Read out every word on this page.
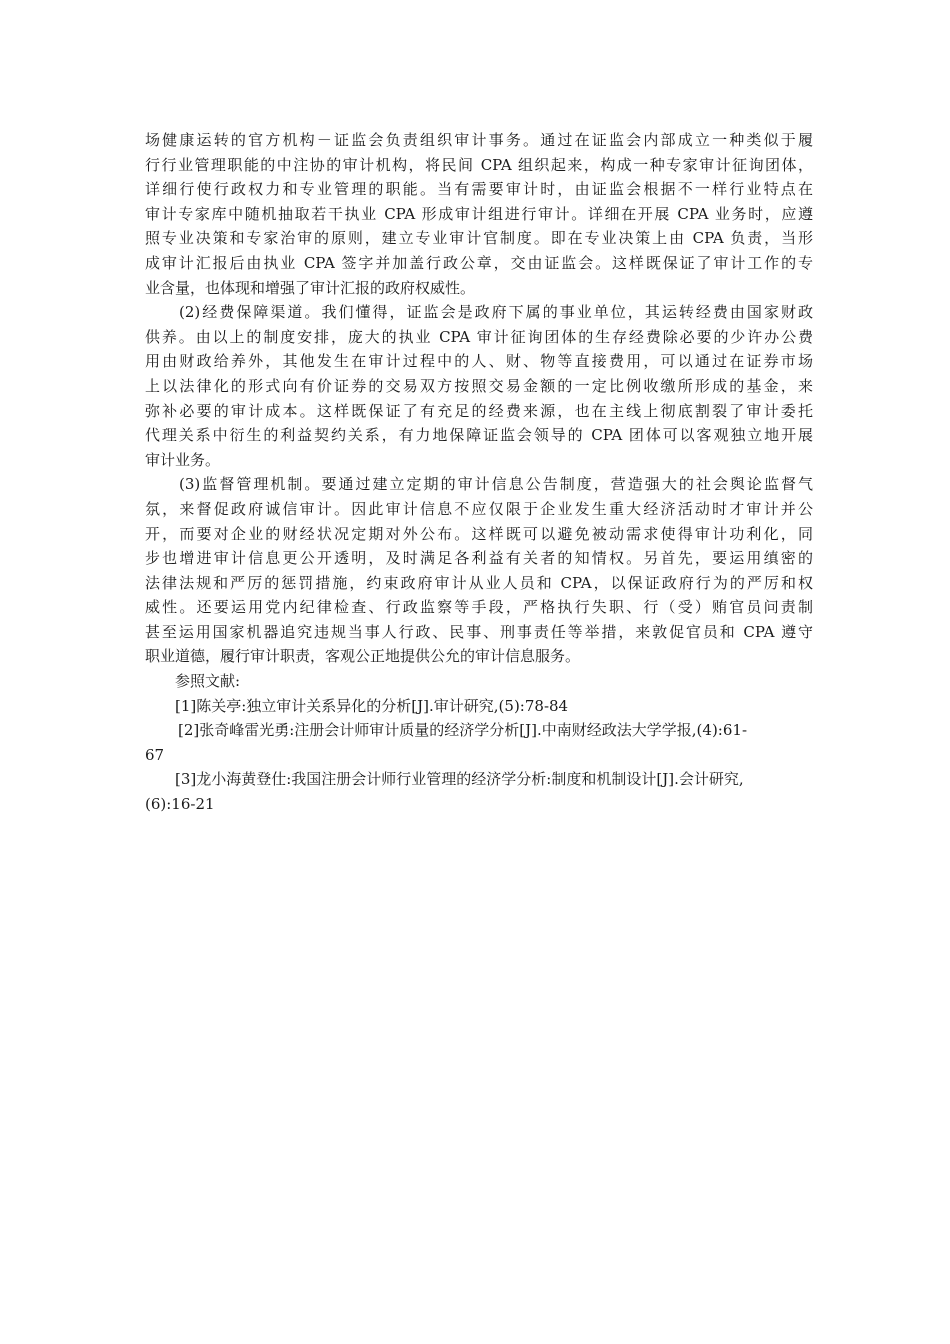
场健康运转的官方机构－证监会负责组织审计事务。通过在证监会内部成立一种类似于履
行行业管理职能的中注协的审计机构，将民间 CPA 组织起来，构成一种专家审计征询团体，
详细行使行政权力和专业管理的职能。当有需要审计时，由证监会根据不一样行业特点在
审计专家库中随机抽取若干执业 CPA 形成审计组进行审计。详细在开展 CPA 业务时，应遵
照专业决策和专家治审的原则，建立专业审计官制度。即在专业决策上由 CPA 负责，当形
成审计汇报后由执业 CPA 签字并加盖行政公章，交由证监会。这样既保证了审计工作的专
业含量，也体现和增强了审计汇报的政府权威性。
　　(2)经费保障渠道。我们懂得，证监会是政府下属的事业单位，其运转经费由国家财政
供养。由以上的制度安排，庞大的执业 CPA 审计征询团体的生存经费除必要的少许办公费
用由财政给养外，其他发生在审计过程中的人、财、物等直接费用，可以通过在证券市场
上以法律化的形式向有价证券的交易双方按照交易金额的一定比例收缴所形成的基金，来
弥补必要的审计成本。这样既保证了有充足的经费来源，也在主线上彻底割裂了审计委托
代理关系中衍生的利益契约关系，有力地保障证监会领导的 CPA 团体可以客观独立地开展
审计业务。
　　(3)监督管理机制。要通过建立定期的审计信息公告制度，营造强大的社会舆论监督气
氛，来督促政府诚信审计。因此审计信息不应仅限于企业发生重大经济活动时才审计并公
开，而要对企业的财经状况定期对外公布。这样既可以避免被动需求使得审计功利化，同
步也增进审计信息更公开透明，及时满足各利益有关者的知情权。另首先，要运用缜密的
法律法规和严厉的惩罚措施，约束政府审计从业人员和 CPA，以保证政府行为的严厉和权
威性。还要运用党内纪律检查、行政监察等手段，严格执行失职、行（受）贿官员问责制
甚至运用国家机器追究违规当事人行政、民事、刑事责任等举措，来敦促官员和 CPA 遵守
职业道德，履行审计职责，客观公正地提供公允的审计信息服务。
参照文献:
[1]陈关亭:独立审计关系异化的分析[J].审计研究,(5):78-84
[2]张奇峰雷光勇:注册会计师审计质量的经济学分析[J].中南财经政法大学学报,(4):61-
67
[3]龙小海黄登仕:我国注册会计师行业管理的经济学分析:制度和机制设计[J].会计研究,
(6):16-21
